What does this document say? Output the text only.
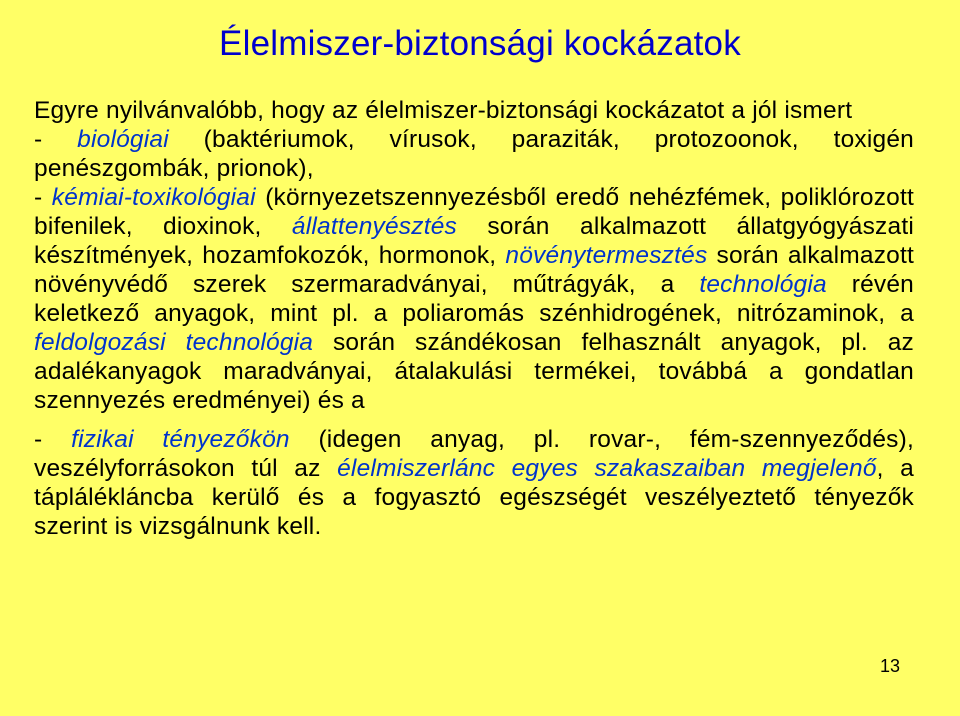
Élelmiszer-biztonsági kockázatok

Egyre nyilvánvalóbb, hogy az élelmiszer-biztonsági kockázatot a jól ismert

- biológiai (baktériumok, vírusok, paraziták, protozoonok, toxigén penészgombák, prionok),

- kémiai-toxikológiai (környezetszennyezésből eredő nehézfémek, poliklórozott bifenilek, dioxinok, állattenyésztés során alkalmazott állatgyógyászati készítmények, hozamfokozók, hormonok, növénytermesztés során alkalmazott növényvédő szerek szermaradványai, műtrágyák, a technológia révén keletkező anyagok, mint pl. a poliaromás szénhidrogének, nitrózaminok, a feldolgozási technológia során szándékosan felhasznált anyagok, pl. az adalékanyagok maradványai, átalakulási termékei, továbbá a gondatlan szennyezés eredményei) és a

- fizikai tényezőkön (idegen anyag, pl. rovar-, fém-szennyeződés), veszélyforrásokon túl az élelmiszerlánc egyes szakaszaiban megjelenő, a táplálékláncba kerülő és a fogyasztó egészségét veszélyeztető tényezők szerint is vizsgálnunk kell.

13
